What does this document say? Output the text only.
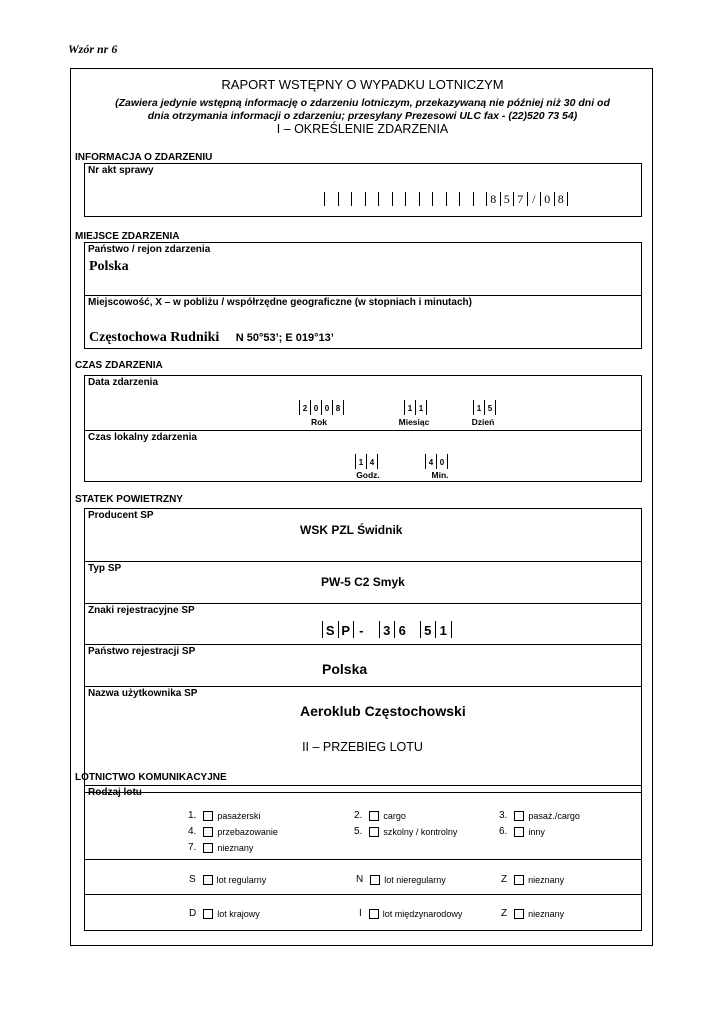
Wzór nr 6
RAPORT WSTĘPNY O WYPADKU LOTNICZYM
(Zawiera jedynie wstępną informację o zdarzeniu lotniczym, przekazywaną nie później niż 30 dni od
dnia otrzymania informacji o zdarzeniu; przesyłany Prezesowi ULC fax - (22)520 73 54)
I – OKREŚLENIE ZDARZENIA
INFORMACJA O ZDARZENIU
Nr akt sprawy
8 5 7 / 0 8
MIEJSCE ZDARZENIA
Państwo / rejon zdarzenia
Polska
Miejscowość, X – w pobliżu / współrzędne geograficzne (w stopniach i minutach)
Częstochowa Rudniki N 50°53’; E 019°13’
CZAS ZDARZENIA
Data zdarzenia
2 0 0 8
Rok
1 1
Miesiąc
1 5
Dzień
Czas lokalny zdarzenia
1 4
Godz.
4 0
Min.
STATEK POWIETRZNY
Producent SP
WSK PZL Świdnik
Typ SP
PW-5 C2 Smyk
Znaki rejestracyjne SP
S P -	3 6	5 1
Państwo rejestracji SP
Polska
Nazwa użytkownika SP
Aeroklub Częstochowski
II – PRZEBIEG LOTU
LOTNICTWO KOMUNIKACYJNE
Rodzaj lotu
1. pasażerski	2. cargo	3. pasaż./cargo
4. przebazowanie	5. szkolny / kontrolny	6. inny
7. nieznany
S lot regularny	N lot nieregularny	Z nieznany
D lot krajowy	I lot międzynarodowy	Z nieznany
